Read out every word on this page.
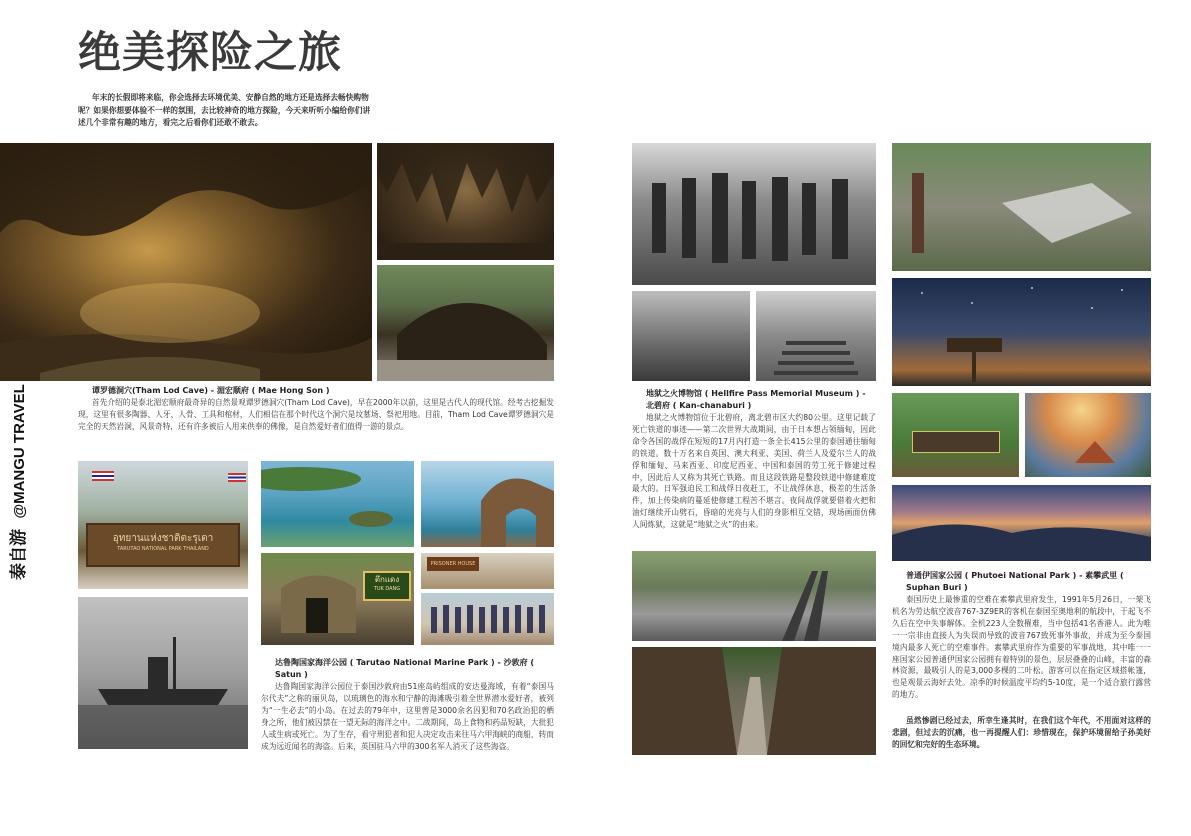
绝美探险之旅
年末的长假即将来临，你会选择去环境优美、安静自然的地方还是选择去畅快购物呢？如果你想要体验不一样的氛围，去比较神奇的地方探险，今天来听听小编给你们讲述几个非常有趣的地方，看完之后看你们还敢不敢去。
泰自游 @MANGU TRAVEL	谭罗德洞穴(Tham Lod Cave) - 湄宏顺府 ( Mae Hong Son )
首先介绍的是泰北湄宏顺府最奇异的自然景观谭罗德洞穴(Tham Lod Cave)，早在2000年以前，这里是古代人的现代馆。经考古挖掘发现，这里有很多陶器、人牙、人骨、工具和棺材，人们相信在那个时代这个洞穴是坟墓场、祭祀用地。目前，Tham Lod Cave谭罗德洞穴是完全的天然岩洞，风景奇特，还有许多被后人用来供奉的佛像，是自然爱好者们值得一游的景点。
อุทยานแห่งชาติตะรุเตา
TARUTAO NATIONAL PARK THAILAND
ตึกแดง
TUK DANG
PRISONER HOUSE
达鲁陶国家海洋公园 ( Tarutao National Marine Park ) - 沙敦府 ( Satun )
达鲁陶国家海洋公园位于泰国沙敦府由51座岛屿组成的安达曼海域，有着“泰国马尔代夫”之称的丽贝岛，以琉璃色的海水和宁静的海滩吸引着全世界潜水爱好者，被列为“一生必去”的小岛。在过去的79年中，这里曾是3000余名囚犯和70名政治犯的栖身之所，他们被囚禁在一望无际的海洋之中。二战期间，岛上食物和药品短缺，大批犯人或生病或死亡。为了生存，看守刑犯者和犯人决定攻击来往马六甲海峡的商船，转而成为远近闻名的海盗。后来，英国驻马六甲的300名军人消灭了这些海盗。
地狱之火博物馆 ( Hellfire Pass Memorial Museum ) - 北碧府 ( Kan-chanaburi )
地狱之火博物馆位于北碧府，离北碧市区大约80公里。这里记载了死亡铁道的事迹——第二次世界大战期间，由于日本想占领缅甸，因此命令各国的战俘在短短的17月内打造一条全长415公里的泰国通往缅甸的铁道。数十万名来自英国、澳大利亚、美国、荷兰人及爱尔兰人的战俘和缅甸、马来西亚、印度尼西亚、中国和泰国的劳工死于修建过程中，因此后人又称为其死亡铁路。而且这段铁路是整段铁道中修建难度最大的。日军强迫民工和战俘日夜赶工，不让战俘休息，极差的生活条件，加上传染病的蔓延使修建工程苦不堪言。夜间战俘就要借着火把和油灯继续开山劈石，昏暗的光亮与人们的身影相互交错，现场画面仿佛人间炼狱，这就是“地狱之火”的由来。
普通伊国家公园 ( Phutoei National Park ) - 素攀武里 ( Suphan Buri )
泰国历史上最惨重的空难在素攀武里府发生，1991年5月26日，一架飞机名为劳达航空波音767-3Z9ER的客机在泰国至奥地利的航段中，于起飞不久后在空中失事解体。全机223人全数罹难，当中包括41名香港人。此为唯一一宗非由直接人为失误而导致的波音767致死事外事故，并成为至今泰国境内最多人死亡的空难事件。素攀武里府作为重要的军事战地，其中唯一一座国家公园普通伊国家公园拥有着特别的景色，层层叠叠的山峰，丰富的森林资源，最吸引人的是3,000多棵的二叶松。游客可以在指定区域搭帐篷，也是观景云海好去处。凉季的时候温度平均约5-10度，是一个适合旅行露营的地方。
虽然惨剧已经过去，所幸生逢其时，在我们这个年代，不用面对这样的悲剧，但过去的沉痛，也一再提醒人们：珍惜现在，保护环境留给子孙美好的回忆和完好的生态环境。
